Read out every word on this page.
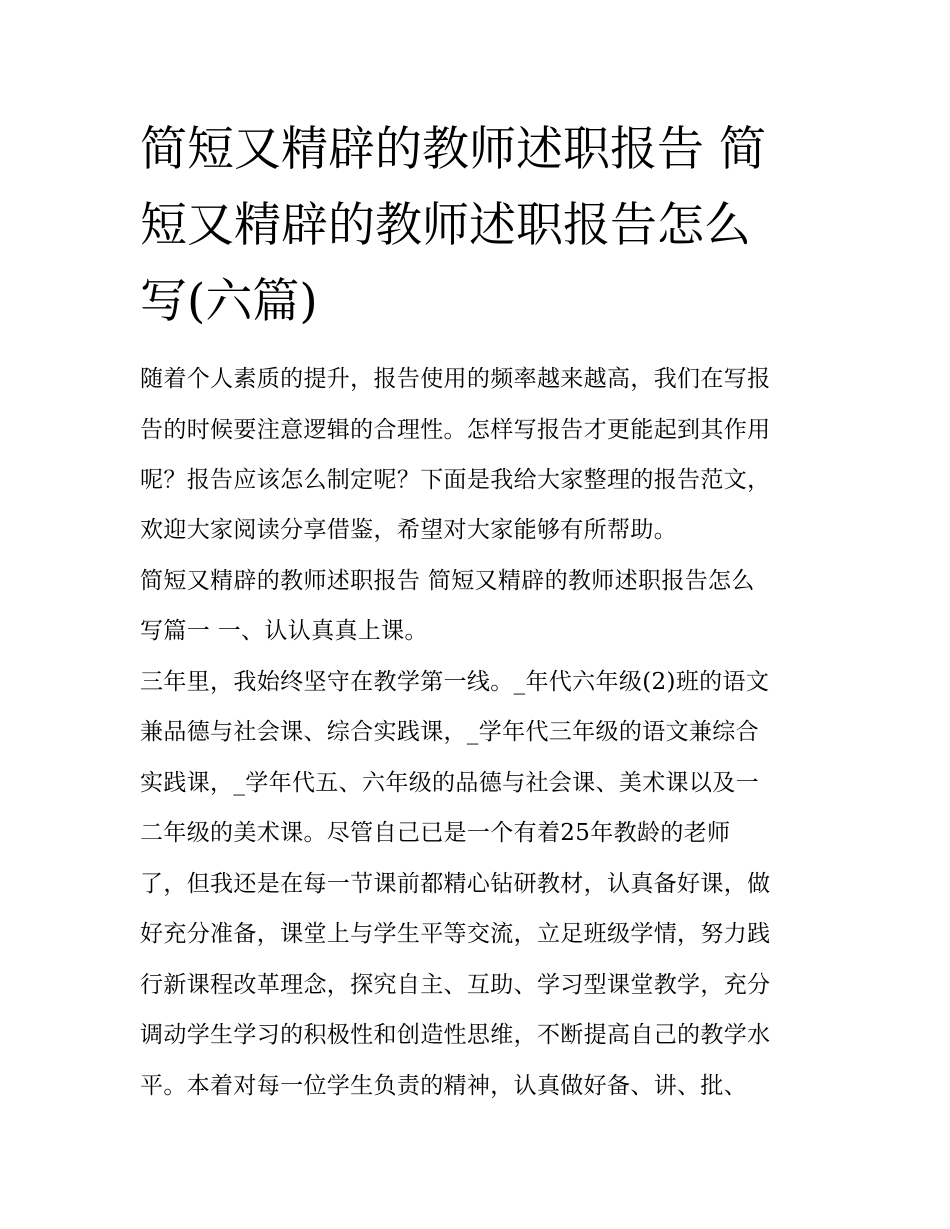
简短又精辟的教师述职报告 简
短又精辟的教师述职报告怎么
写(六篇)
随着个人素质的提升，报告使用的频率越来越高，我们在写报
告的时候要注意逻辑的合理性。怎样写报告才更能起到其作用
呢？报告应该怎么制定呢？下面是我给大家整理的报告范文，
欢迎大家阅读分享借鉴，希望对大家能够有所帮助。
简短又精辟的教师述职报告 简短又精辟的教师述职报告怎么
写篇一 一、认认真真上课。
三年里，我始终坚守在教学第一线。_年代六年级(2)班的语文
兼品德与社会课、综合实践课，_学年代三年级的语文兼综合
实践课，_学年代五、六年级的品德与社会课、美术课以及一
二年级的美术课。尽管自己已是一个有着25年教龄的老师
了，但我还是在每一节课前都精心钻研教材，认真备好课，做
好充分准备，课堂上与学生平等交流，立足班级学情，努力践
行新课程改革理念，探究自主、互助、学习型课堂教学，充分
调动学生学习的积极性和创造性思维，不断提高自己的教学水
平。本着对每一位学生负责的精神，认真做好备、讲、批、
